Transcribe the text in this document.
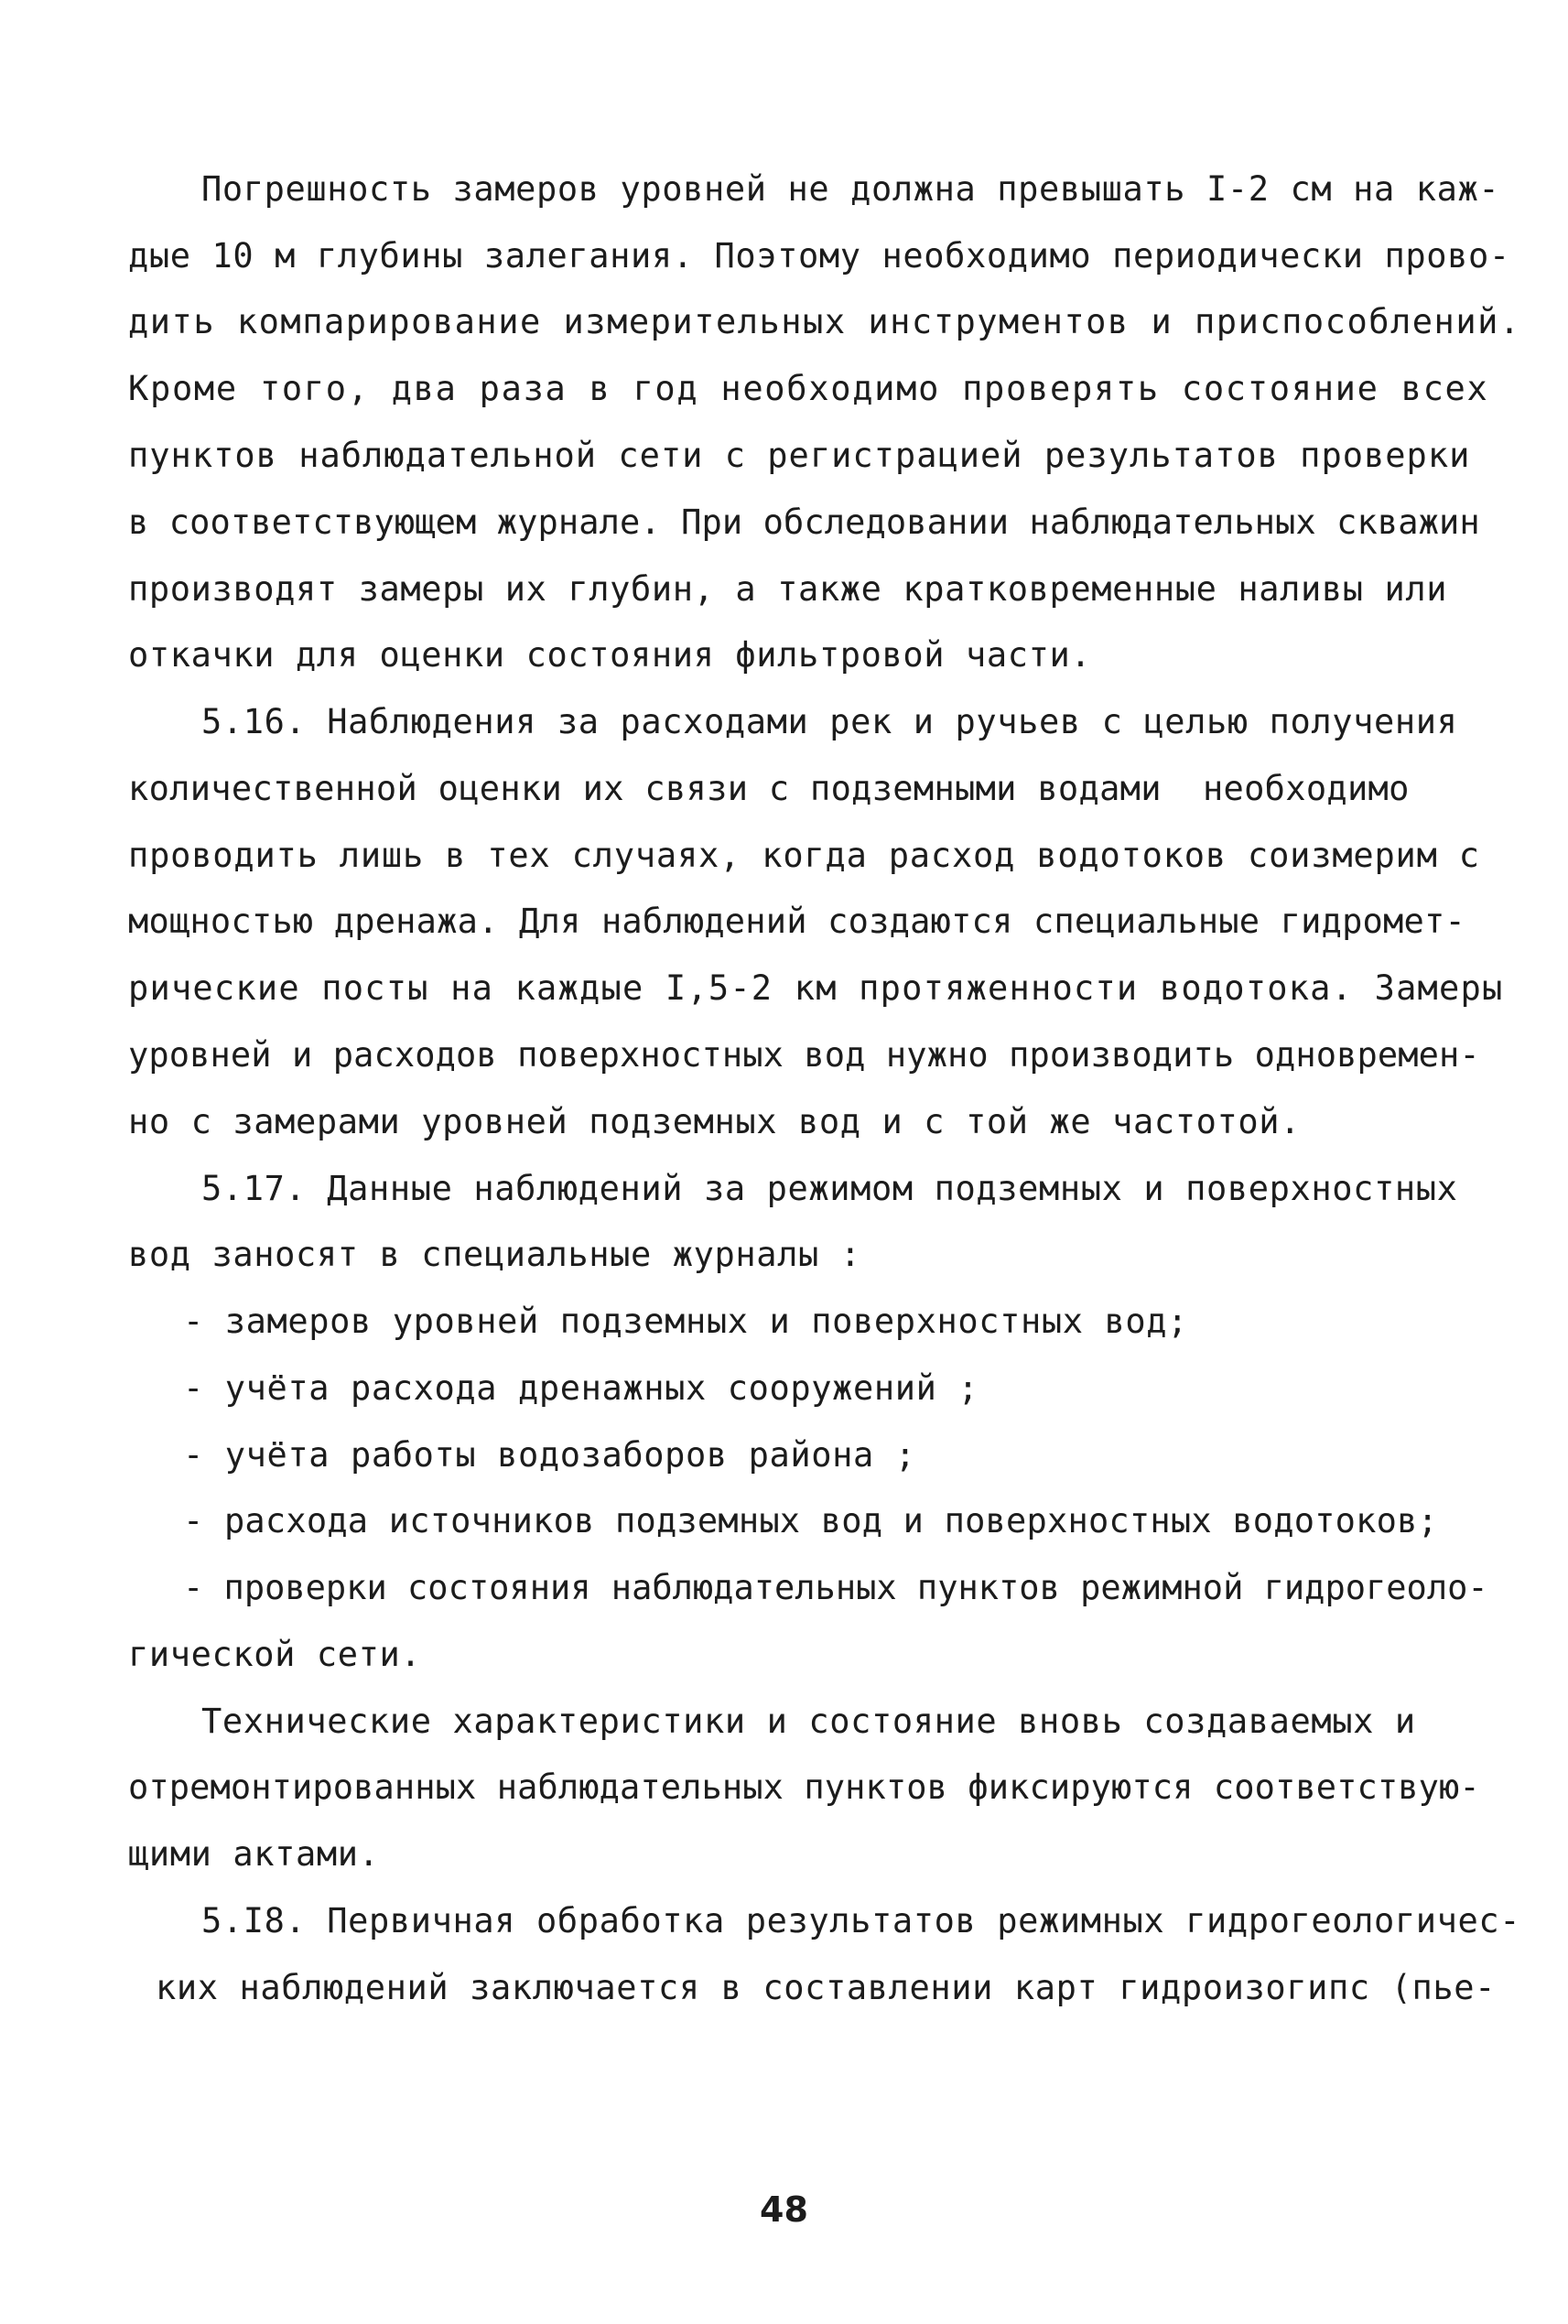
Погрешность замеров уровней не должна превышать I-2 см на каж-
дые 10 м глубины залегания. Поэтому необходимо периодически прово-
дить компарирование измерительных инструментов и приспособлений.
Кроме того, два раза в год необходимо проверять состояние всех
пунктов наблюдательной сети с регистрацией результатов проверки
в соответствующем журнале. При обследовании наблюдательных скважин
производят замеры их глубин, а также кратковременные наливы или
откачки для оценки состояния фильтровой части.
5.16. Наблюдения за расходами рек и ручьев с целью получения
количественной оценки их связи с подземными водами  необходимо
проводить лишь в тех случаях, когда расход водотоков соизмерим с
мощностью дренажа. Для наблюдений создаются специальные гидромет-
рические посты на каждые I,5-2 км протяженности водотока. Замеры
уровней и расходов поверхностных вод нужно производить одновремен-
но с замерами уровней подземных вод и с той же частотой.
5.17. Данные наблюдений за режимом подземных и поверхностных
вод заносят в специальные журналы :
- замеров уровней подземных и поверхностных вод;
- учёта расхода дренажных сооружений ;
- учёта работы водозаборов района ;
- расхода источников подземных вод и поверхностных водотоков;
- проверки состояния наблюдательных пунктов режимной гидрогеоло-
гической сети.
Технические характеристики и состояние вновь создаваемых и
отремонтированных наблюдательных пунктов фиксируются соответствую-
щими актами.
5.I8. Первичная обработка результатов режимных гидрогеологичес-
ких наблюдений заключается в составлении карт гидроизогипс (пье-
48
